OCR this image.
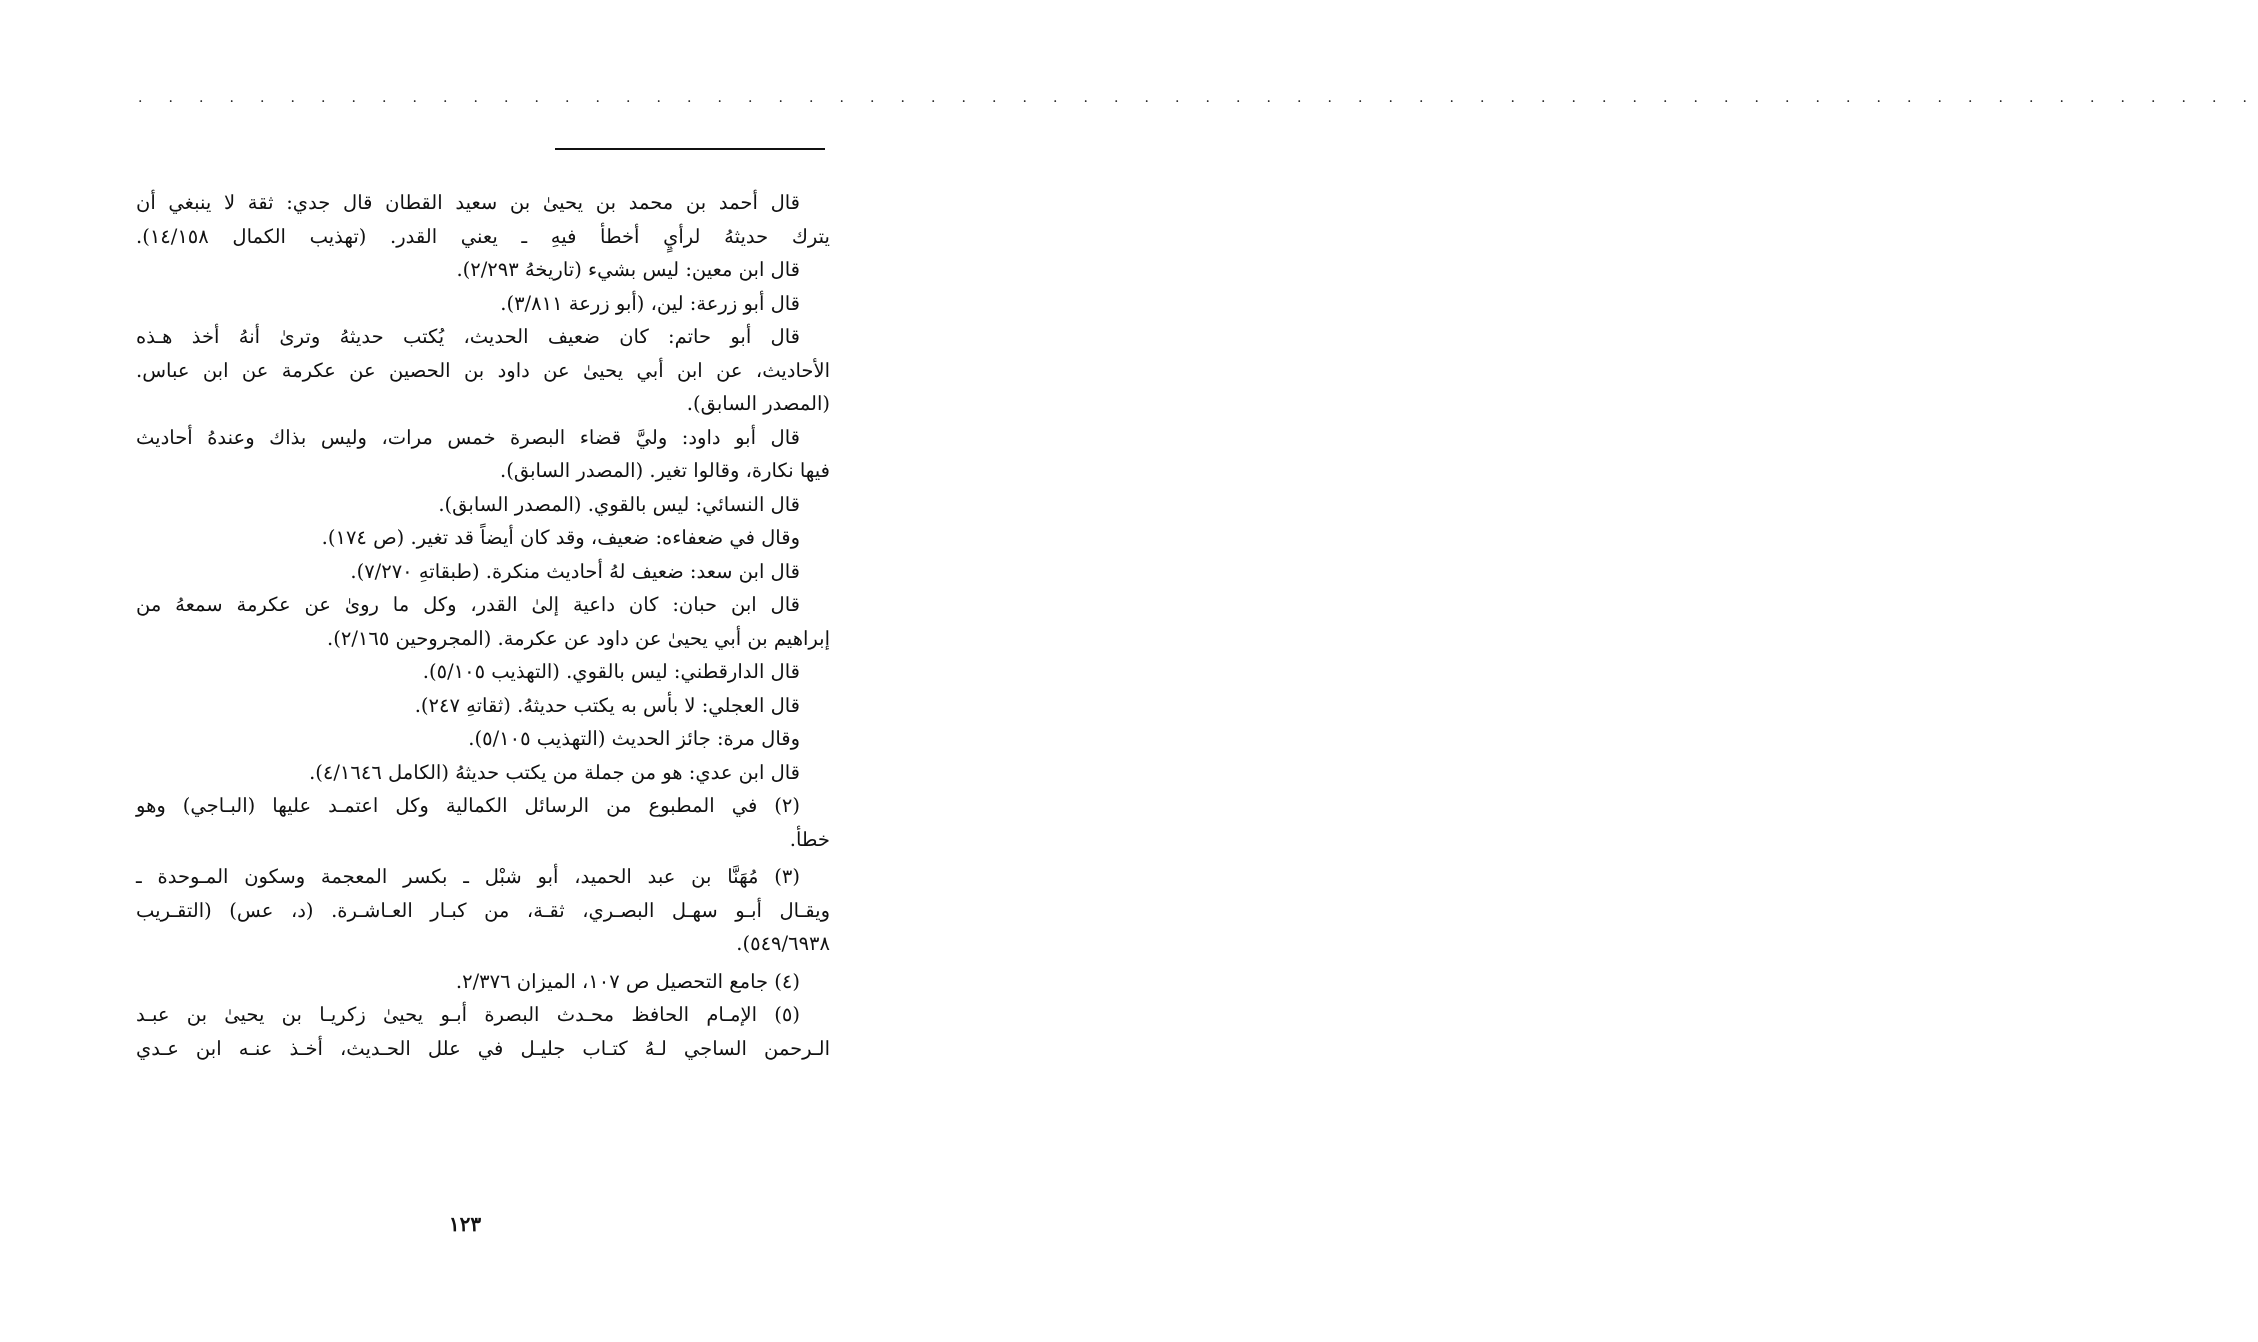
. . . . . . . . . . . . . . . . . . . . . . . . . . . . . . . . . . . . . . . . . . . . . . . . . . . . . . . . . . . . . . . . . . . . . .
قال أحمد بن محمد بن يحيىٰ بن سعيد القطان قال جدي: ثقة لا ينبغي أن
يترك حديثهُ لرأيٍ أخطأ فيهِ ـ يعني القدر. (تهذيب الكمال ١٤/١٥٨).
قال ابن معين: ليس بشيء (تاريخهُ ٢/٢٩٣).
قال أبو زرعة: لين، (أبو زرعة ٣/٨١١).
قال أبو حاتم: كان ضعيف الحديث، يُكتب حديثهُ وترىٰ أنهُ أخذ هـذه
الأحاديث، عن ابن أبي يحيىٰ عن داود بن الحصين عن عكرمة عن ابن عباس.
(المصدر السابق).
قال أبو داود: وليَّ قضاء البصرة خمس مرات، وليس بذاك وعندهُ أحاديث
فيها نكارة، وقالوا تغير. (المصدر السابق).
قال النسائي: ليس بالقوي. (المصدر السابق).
وقال في ضعفاءه: ضعيف، وقد كان أيضاً قد تغير. (ص ١٧٤).
قال ابن سعد: ضعيف لهُ أحاديث منكرة. (طبقاتهِ ٧/٢٧٠).
قال ابن حبان: كان داعية إلىٰ القدر، وكل ما روىٰ عن عكرمة سمعهُ من
إبراهيم بن أبي يحيىٰ عن داود عن عكرمة. (المجروحين ٢/١٦٥).
قال الدارقطني: ليس بالقوي. (التهذيب ٥/١٠٥).
قال العجلي: لا بأس به يكتب حديثهُ. (ثقاتهِ ٢٤٧).
وقال مرة: جائز الحديث (التهذيب ٥/١٠٥).
قال ابن عدي: هو من جملة من يكتب حديثهُ (الكامل ٤/١٦٤٦).
(٢) في المطبوع من الرسائل الكمالية وكل اعتمـد عليها (البـاجي) وهو
خطأ.
(٣) مُهَنَّا بن عبد الحميد، أبو شبْل ـ بكسر المعجمة وسكون المـوحدة ـ
ويقـال أبـو سهـل البصـري، ثقـة، من كبـار العـاشـرة. (د، عس) (التقـريب
٥٤٩/٦٩٣٨).
(٤) جامع التحصيل ص ١٠٧، الميزان ٢/٣٧٦.
(٥) الإمـام الحافظ محـدث البصرة أبـو يحيىٰ زكريـا بن يحيىٰ بن عبـد
الـرحمن الساجي لـهُ كتـاب جليـل في علل الحـديث، أخـذ عنـه ابن عـدي
١٢٣
